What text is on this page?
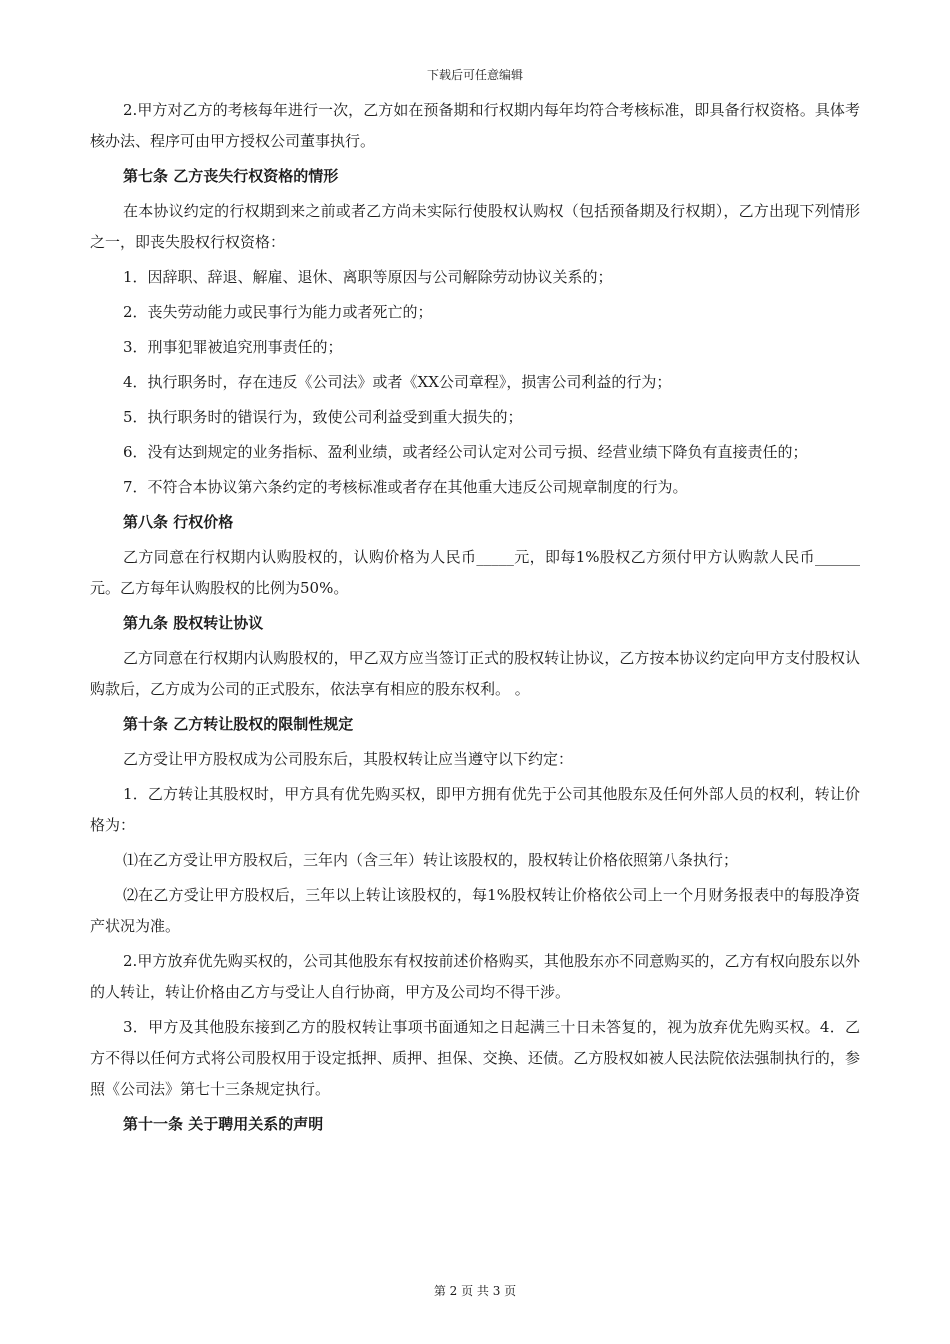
下载后可任意编辑

2.甲方对乙方的考核每年进行一次，乙方如在预备期和行权期内每年均符合考核标准，即具备行权资格。具体考核办法、程序可由甲方授权公司董事执行。

第七条 乙方丧失行权资格的情形

在本协议约定的行权期到来之前或者乙方尚未实际行使股权认购权（包括预备期及行权期），乙方出现下列情形之一，即丧失股权行权资格：

1．因辞职、辞退、解雇、退休、离职等原因与公司解除劳动协议关系的；

2．丧失劳动能力或民事行为能力或者死亡的；

3．刑事犯罪被追究刑事责任的；

4．执行职务时，存在违反《公司法》或者《XX公司章程》，损害公司利益的行为；

5．执行职务时的错误行为，致使公司利益受到重大损失的；

6．没有达到规定的业务指标、盈利业绩，或者经公司认定对公司亏损、经营业绩下降负有直接责任的；

7．不符合本协议第六条约定的考核标准或者存在其他重大违反公司规章制度的行为。

第八条 行权价格

乙方同意在行权期内认购股权的，认购价格为人民币_____元，即每1%股权乙方须付甲方认购款人民币______元。乙方每年认购股权的比例为50%。

第九条 股权转让协议

乙方同意在行权期内认购股权的，甲乙双方应当签订正式的股权转让协议，乙方按本协议约定向甲方支付股权认购款后，乙方成为公司的正式股东，依法享有相应的股东权利。 。

第十条 乙方转让股权的限制性规定

乙方受让甲方股权成为公司股东后，其股权转让应当遵守以下约定：

1．乙方转让其股权时，甲方具有优先购买权，即甲方拥有优先于公司其他股东及任何外部人员的权利，转让价格为：

⑴在乙方受让甲方股权后，三年内（含三年）转让该股权的，股权转让价格依照第八条执行；

⑵在乙方受让甲方股权后，三年以上转让该股权的，每1%股权转让价格依公司上一个月财务报表中的每股净资产状况为准。

2.甲方放弃优先购买权的，公司其他股东有权按前述价格购买，其他股东亦不同意购买的，乙方有权向股东以外的人转让，转让价格由乙方与受让人自行协商，甲方及公司均不得干涉。

3．甲方及其他股东接到乙方的股权转让事项书面通知之日起满三十日未答复的，视为放弃优先购买权。4．乙方不得以任何方式将公司股权用于设定抵押、质押、担保、交换、还债。乙方股权如被人民法院依法强制执行的，参照《公司法》第七十三条规定执行。

第十一条 关于聘用关系的声明

第 2 页 共 3 页
